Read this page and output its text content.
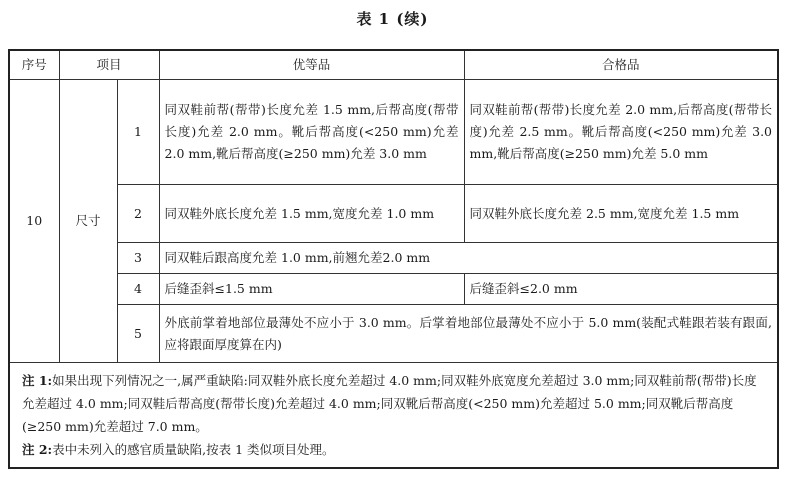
表 1 (续)
序号	项目		优等品	合格品
10	尺寸	1	同双鞋前帮(帮带)长度允差 1.5 mm,后帮高度(帮带长度)允差 2.0 mm。靴后帮高度(<250 mm)允差 2.0 mm,靴后帮高度(≥250 mm)允差 3.0 mm	同双鞋前帮(帮带)长度允差 2.0 mm,后帮高度(帮带长度)允差 2.5 mm。靴后帮高度(<250 mm)允差 3.0 mm,靴后帮高度(≥250 mm)允差 5.0 mm
		2	同双鞋外底长度允差 1.5 mm,宽度允差 1.0 mm	同双鞋外底长度允差 2.5 mm,宽度允差 1.5 mm
		3	同双鞋后跟高度允差 1.0 mm,前翘允差2.0 mm	
		4	后缝歪斜≤1.5 mm	后缝歪斜≤2.0 mm
		5	外底前掌着地部位最薄处不应小于 3.0 mm。后掌着地部位最薄处不应小于 5.0 mm(装配式鞋跟若装有跟面,应将跟面厚度算在内)	

注 1:如果出现下列情况之一,属严重缺陷:同双鞋外底长度允差超过 4.0 mm;同双鞋外底宽度允差超过 3.0 mm;同双鞋前帮(帮带)长度允差超过 4.0 mm;同双鞋后帮高度(帮带长度)允差超过 4.0 mm;同双靴后帮高度(<250 mm)允差超过 5.0 mm;同双靴后帮高度(≥250 mm)允差超过 7.0 mm。
注 2:表中未列入的感官质量缺陷,按表 1 类似项目处理。				
